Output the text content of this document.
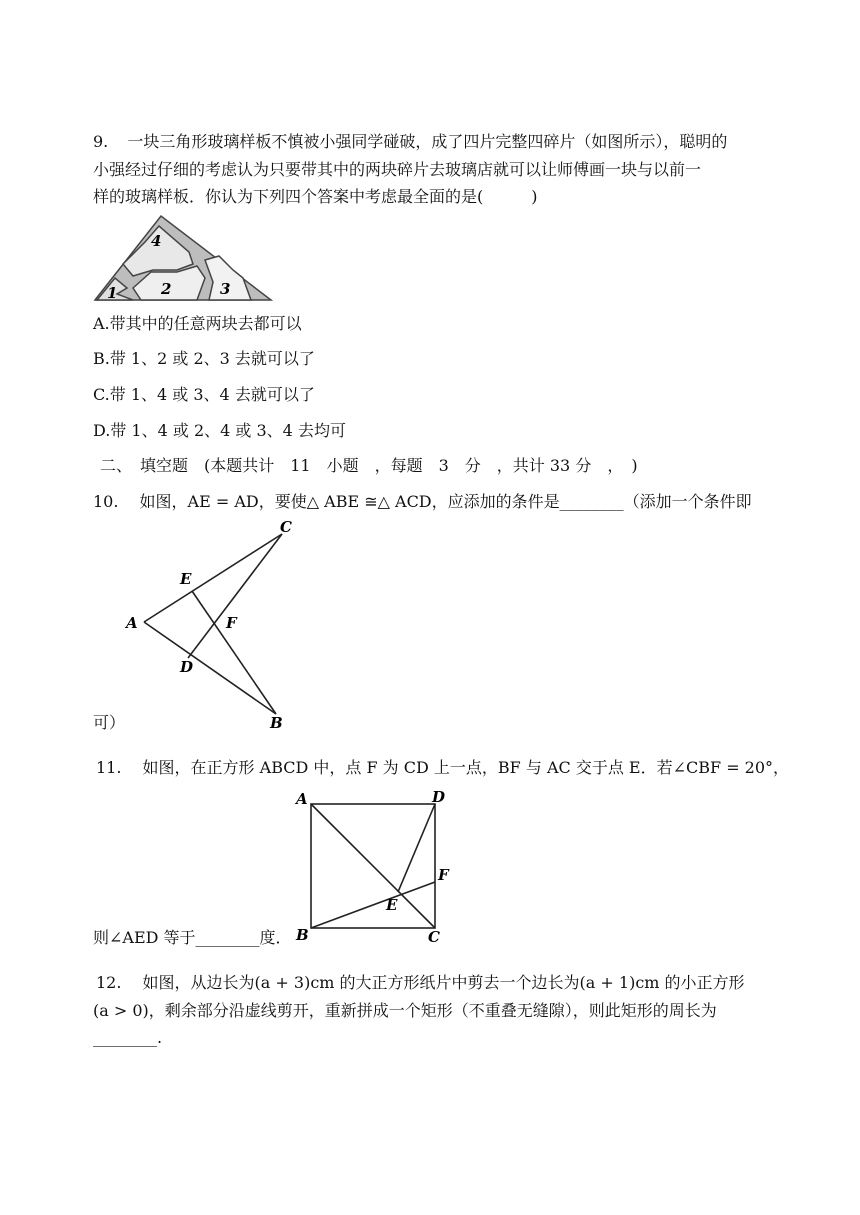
9. 一块三角形玻璃样板不慎被小强同学碰破，成了四片完整四碎片（如图所示），聪明的
小强经过仔细的考虑认为只要带其中的两块碎片去玻璃店就可以让师傅画一块与以前一
样的玻璃样板．你认为下列四个答案中考虑最全面的是(　　　)
4
2	3
1
A.带其中的任意两块去都可以
B.带 1、2 或 2、3 去就可以了
C.带 1、4 或 3、4 去就可以了
D.带 1、4 或 2、4 或 3、4 去均可
二、　填空题　(本题共计　11　小题　，每题　3　分　，共计 33 分　，　)
10. 如图，AE = AD，要使△ ABE ≅△ ACD，应添加的条件是________（添加一个条件即
C
E
A	F
D
B
可）
11. 如图，在正方形 ABCD 中，点 F 为 CD 上一点，BF 与 AC 交于点 E．若∠CBF = 20°，
A	D
F
E
B	C
则∠AED 等于________度．
12. 如图，从边长为(a + 3)cm 的大正方形纸片中剪去一个边长为(a + 1)cm 的小正方形
(a > 0)，剩余部分沿虚线剪开，重新拼成一个矩形（不重叠无缝隙），则此矩形的周长为
________.
